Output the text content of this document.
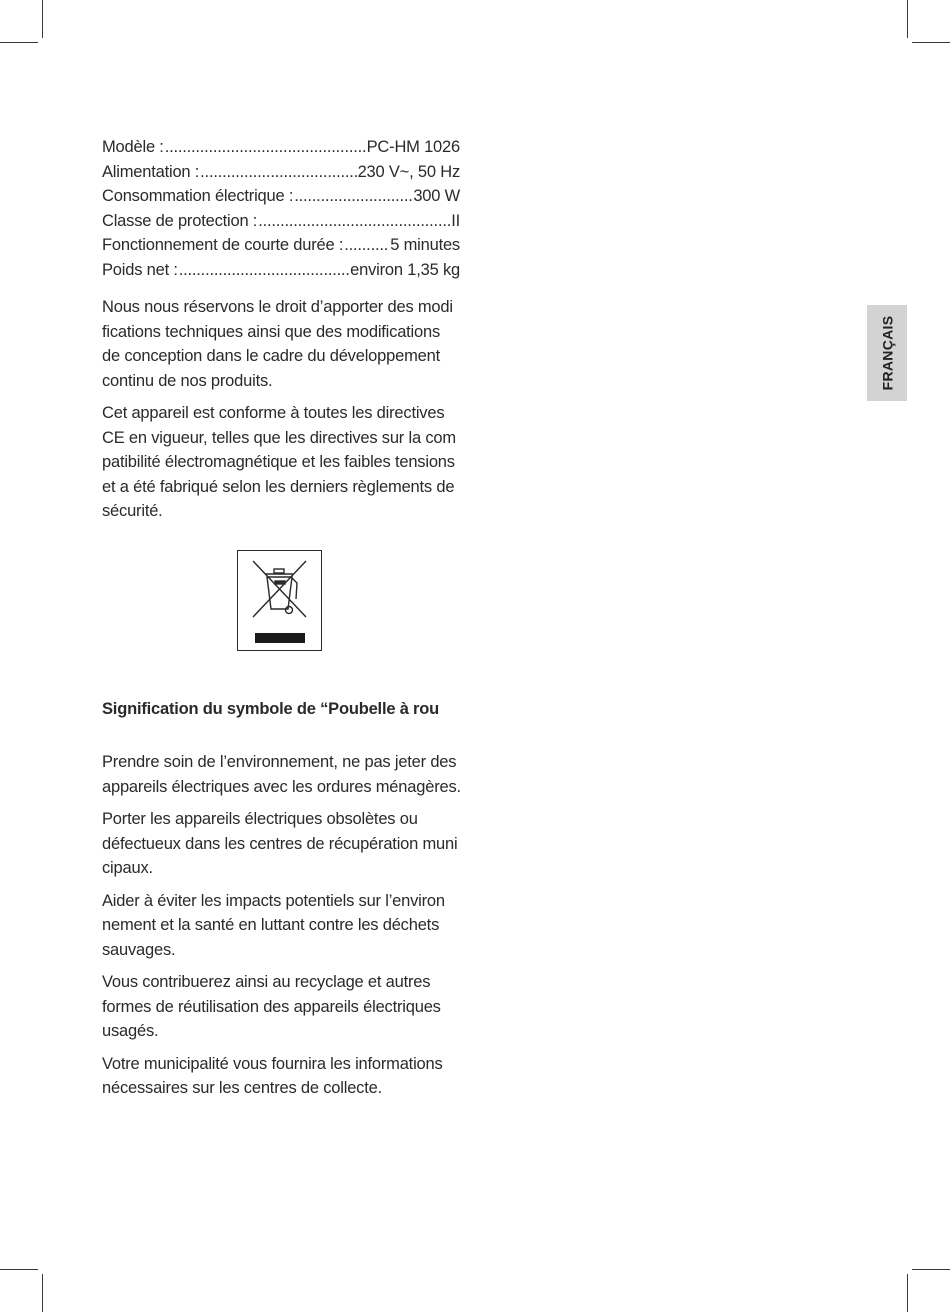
Modèle : .....	PC-HM 1026
Alimentation : .....	230 V~, 50 Hz
Consommation électrique : .....	300 W
Classe de protection : .....	II
Fonctionnement de courte durée : .....	5 minutes
Poids net : .....	environ 1,35 kg

Nous nous réservons le droit d’apporter des modi fications techniques ainsi que des modifications de conception dans le cadre du développement continu de nos produits.

Cet appareil est conforme à toutes les directives CE en vigueur, telles que les directives sur la com patibilité électromagnétique et les faibles tensions et a été fabriqué selon les derniers règlements de sécurité.

Signification du symbole de “Poubelle à rou

Prendre soin de l’environnement, ne pas jeter des appareils électriques avec les ordures ménagères.

Porter les appareils électriques obsolètes ou défectueux dans les centres de récupération muni cipaux.

Aider à éviter les impacts potentiels sur l’environ nement et la santé en luttant contre les déchets sauvages.

Vous contribuerez ainsi au recyclage et autres formes de réutilisation des appareils électriques usagés.

Votre municipalité vous fournira les informations nécessaires sur les centres de collecte.

FRANÇAIS
